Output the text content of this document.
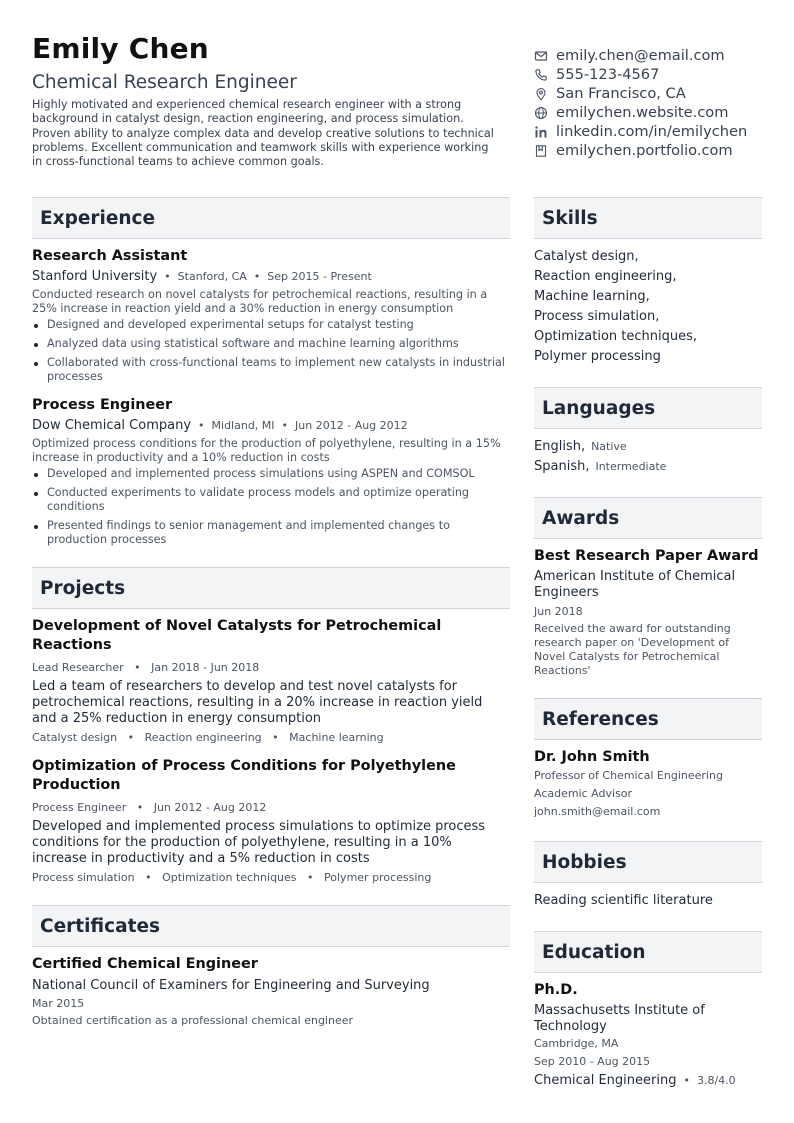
Emily Chen
Chemical Research Engineer
Highly motivated and experienced chemical research engineer with a strong background in catalyst design, reaction engineering, and process simulation. Proven ability to analyze complex data and develop creative solutions to technical problems. Excellent communication and teamwork skills with experience working in cross-functional teams to achieve common goals.
emily.chen@email.com
555-123-4567
San Francisco, CA
emilychen.website.com
linkedin.com/in/emilychen
emilychen.portfolio.com
Experience
Research Assistant
Stanford University • Stanford, CA • Sep 2015 - Present
Conducted research on novel catalysts for petrochemical reactions, resulting in a 25% increase in reaction yield and a 30% reduction in energy consumption
Designed and developed experimental setups for catalyst testing
Analyzed data using statistical software and machine learning algorithms
Collaborated with cross-functional teams to implement new catalysts in industrial processes
Process Engineer
Dow Chemical Company • Midland, MI • Jun 2012 - Aug 2012
Optimized process conditions for the production of polyethylene, resulting in a 15% increase in productivity and a 10% reduction in costs
Developed and implemented process simulations using ASPEN and COMSOL
Conducted experiments to validate process models and optimize operating conditions
Presented findings to senior management and implemented changes to production processes
Projects
Development of Novel Catalysts for Petrochemical Reactions
Lead Researcher • Jan 2018 - Jun 2018
Led a team of researchers to develop and test novel catalysts for petrochemical reactions, resulting in a 20% increase in reaction yield and a 25% reduction in energy consumption
Catalyst design • Reaction engineering • Machine learning
Optimization of Process Conditions for Polyethylene Production
Process Engineer • Jun 2012 - Aug 2012
Developed and implemented process simulations to optimize process conditions for the production of polyethylene, resulting in a 10% increase in productivity and a 5% reduction in costs
Process simulation • Optimization techniques • Polymer processing
Certificates
Certified Chemical Engineer
National Council of Examiners for Engineering and Surveying
Mar 2015
Obtained certification as a professional chemical engineer
Skills
Catalyst design,
Reaction engineering,
Machine learning,
Process simulation,
Optimization techniques,
Polymer processing
Languages
English, Native
Spanish, Intermediate
Awards
Best Research Paper Award
American Institute of Chemical Engineers
Jun 2018
Received the award for outstanding research paper on 'Development of Novel Catalysts for Petrochemical Reactions'
References
Dr. John Smith
Professor of Chemical Engineering
Academic Advisor
john.smith@email.com
Hobbies
Reading scientific literature
Education
Ph.D.
Massachusetts Institute of Technology
Cambridge, MA
Sep 2010 - Aug 2015
Chemical Engineering • 3.8/4.0
